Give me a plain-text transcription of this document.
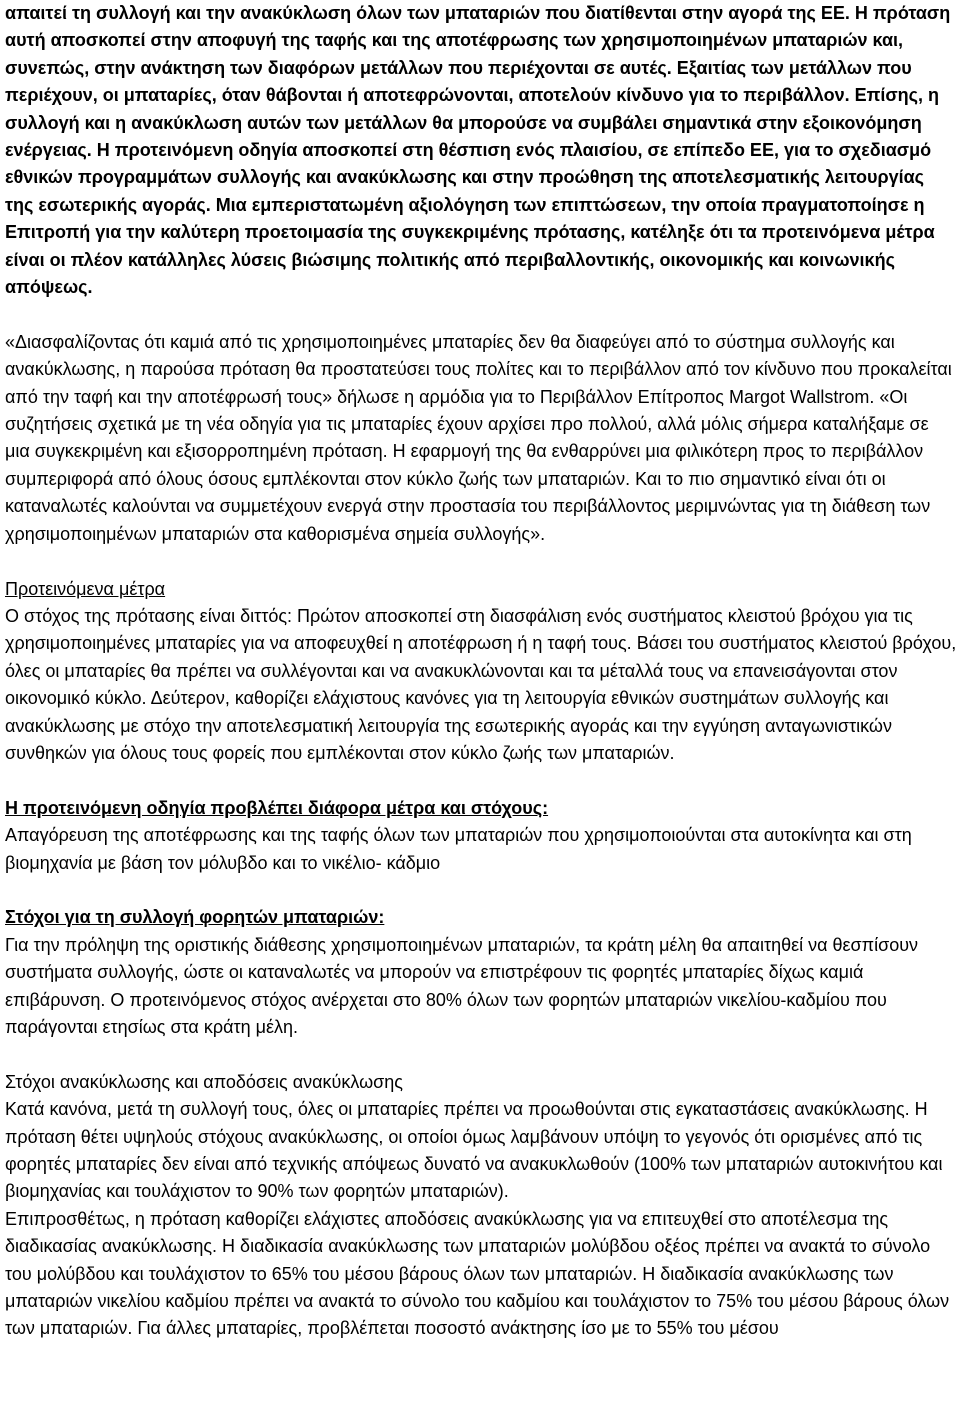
απαιτεί τη συλλογή και την ανακύκλωση όλων των μπαταριών που διατίθενται στην αγορά της ΕΕ. Η πρόταση αυτή αποσκοπεί στην αποφυγή της ταφής και της αποτέφρωσης των χρησιμοποιημένων μπαταριών και, συνεπώς, στην ανάκτηση των διαφόρων μετάλλων που περιέχονται σε αυτές. Εξαιτίας των μετάλλων που περιέχουν, οι μπαταρίες, όταν θάβονται ή αποτεφρώνονται, αποτελούν κίνδυνο για το περιβάλλον. Επίσης, η συλλογή και η ανακύκλωση αυτών των μετάλλων θα μπορούσε να συμβάλει σημαντικά στην εξοικονόμηση ενέργειας. Η προτεινόμενη οδηγία αποσκοπεί στη θέσπιση ενός πλαισίου, σε επίπεδο ΕΕ, για το σχεδιασμό εθνικών προγραμμάτων συλλογής και ανακύκλωσης και στην προώθηση της αποτελεσματικής λειτουργίας της εσωτερικής αγοράς. Μια εμπεριστατωμένη αξιολόγηση των επιπτώσεων, την οποία πραγματοποίησε η Επιτροπή για την καλύτερη προετοιμασία της συγκεκριμένης πρότασης, κατέληξε ότι τα προτεινόμενα μέτρα είναι οι πλέον κατάλληλες λύσεις βιώσιμης πολιτικής από περιβαλλοντικής, οικονομικής και κοινωνικής απόψεως.

«Διασφαλίζοντας ότι καμιά από τις χρησιμοποιημένες μπαταρίες δεν θα διαφεύγει από το σύστημα συλλογής και ανακύκλωσης, η παρούσα πρόταση θα προστατεύσει τους πολίτες και το περιβάλλον από τον κίνδυνο που προκαλείται από την ταφή και την αποτέφρωσή τους» δήλωσε η αρμόδια για το Περιβάλλον Επίτροπος Margot Wallstrom. «Οι συζητήσεις σχετικά με τη νέα οδηγία για τις μπαταρίες έχουν αρχίσει προ πολλού, αλλά μόλις σήμερα καταλήξαμε σε μια συγκεκριμένη και εξισορροπημένη πρόταση. Η εφαρμογή της θα ενθαρρύνει μια φιλικότερη προς το περιβάλλον συμπεριφορά από όλους όσους εμπλέκονται στον κύκλο ζωής των μπαταριών. Και το πιο σημαντικό είναι ότι οι καταναλωτές καλούνται να συμμετέχουν ενεργά στην προστασία του περιβάλλοντος μεριμνώντας για τη διάθεση των χρησιμοποιημένων μπαταριών στα καθορισμένα σημεία συλλογής».

Προτεινόμενα μέτρα

Ο στόχος της πρότασης είναι διττός: Πρώτον αποσκοπεί στη διασφάλιση ενός συστήματος κλειστού βρόχου για τις χρησιμοποιημένες μπαταρίες για να αποφευχθεί η αποτέφρωση ή η ταφή τους. Βάσει του συστήματος κλειστού βρόχου, όλες οι μπαταρίες θα πρέπει να συλλέγονται και να ανακυκλώνονται και τα μέταλλά τους να επανεισάγονται στον οικονομικό κύκλο. Δεύτερον, καθορίζει ελάχιστους κανόνες για τη λειτουργία εθνικών συστημάτων συλλογής και ανακύκλωσης με στόχο την αποτελεσματική λειτουργία της εσωτερικής αγοράς και την εγγύηση ανταγωνιστικών συνθηκών για όλους τους φορείς που εμπλέκονται στον κύκλο ζωής των μπαταριών.

Η προτεινόμενη οδηγία προβλέπει διάφορα μέτρα και στόχους:

Απαγόρευση της αποτέφρωσης και της ταφής όλων των μπαταριών που χρησιμοποιούνται στα αυτοκίνητα και στη βιομηχανία με βάση τον μόλυβδο και το νικέλιο- κάδμιο

Στόχοι για τη συλλογή φορητών μπαταριών:

Για την πρόληψη της οριστικής διάθεσης χρησιμοποιημένων μπαταριών, τα κράτη μέλη θα απαιτηθεί να θεσπίσουν συστήματα συλλογής, ώστε οι καταναλωτές να μπορούν να επιστρέφουν τις φορητές μπαταρίες δίχως καμιά επιβάρυνση. Ο προτεινόμενος στόχος ανέρχεται στο 80% όλων των φορητών μπαταριών νικελίου-καδμίου που παράγονται ετησίως στα κράτη μέλη.

Στόχοι ανακύκλωσης και αποδόσεις ανακύκλωσης

Κατά κανόνα, μετά τη συλλογή τους, όλες οι μπαταρίες πρέπει να προωθούνται στις εγκαταστάσεις ανακύκλωσης. Η πρόταση θέτει υψηλούς στόχους ανακύκλωσης, οι οποίοι όμως λαμβάνουν υπόψη το γεγονός ότι ορισμένες από τις φορητές μπαταρίες δεν είναι από τεχνικής απόψεως δυνατό να ανακυκλωθούν (100% των μπαταριών αυτοκινήτου και βιομηχανίας και τουλάχιστον το 90% των φορητών μπαταριών).

Επιπροσθέτως, η πρόταση καθορίζει ελάχιστες αποδόσεις ανακύκλωσης για να επιτευχθεί στο αποτέλεσμα της διαδικασίας ανακύκλωσης. Η διαδικασία ανακύκλωσης των μπαταριών μολύβδου οξέος πρέπει να ανακτά το σύνολο του μολύβδου και τουλάχιστον το 65% του μέσου βάρους όλων των μπαταριών. Η διαδικασία ανακύκλωσης των μπαταριών νικελίου καδμίου πρέπει να ανακτά το σύνολο του καδμίου και τουλάχιστον το 75% του μέσου βάρους όλων των μπαταριών. Για άλλες μπαταρίες, προβλέπεται ποσοστό ανάκτησης ίσο με το 55% του μέσου
